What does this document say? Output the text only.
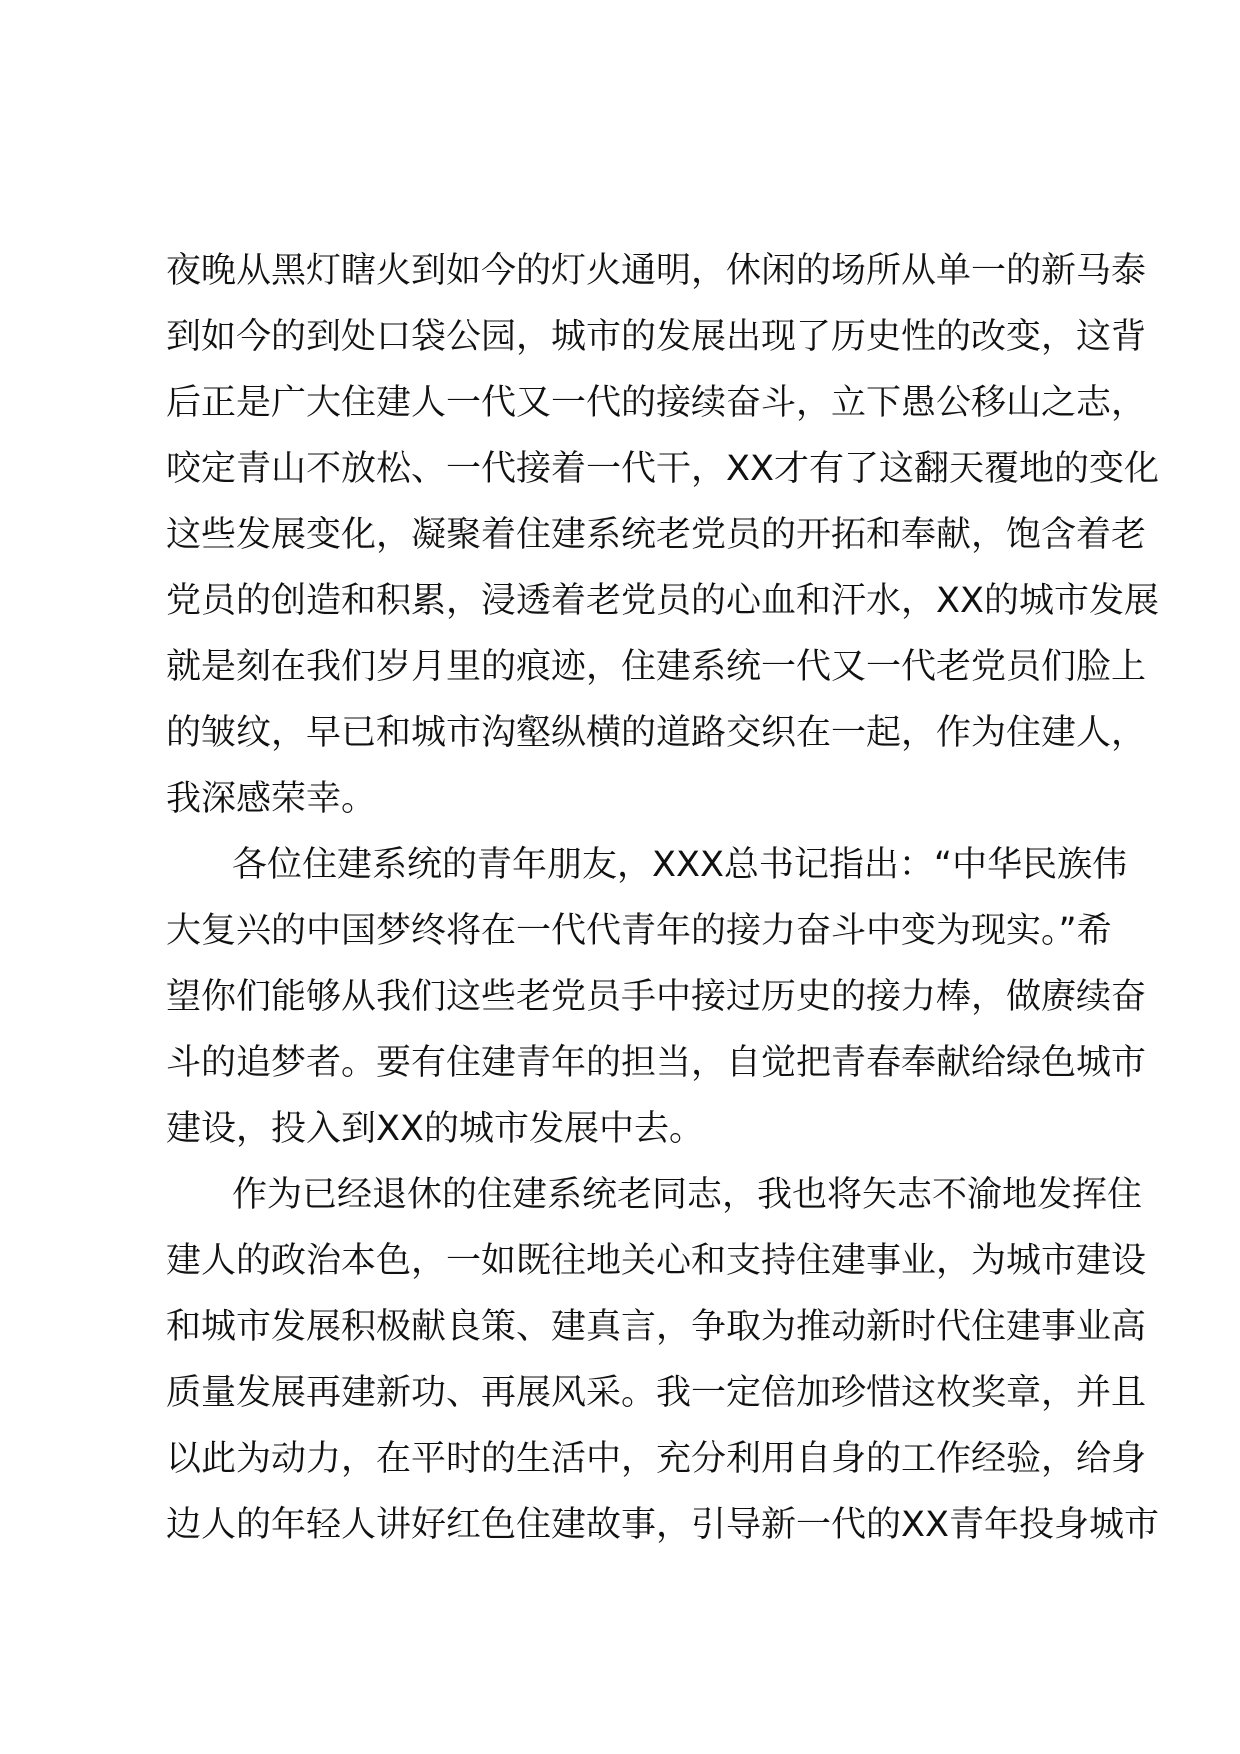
夜晚从黑灯瞎火到如今的灯火通明，休闲的场所从单一的新马泰
到如今的到处口袋公园，城市的发展出现了历史性的改变，这背
后正是广大住建人一代又一代的接续奋斗，立下愚公移山之志，
咬定青山不放松、一代接着一代干，XX才有了这翻天覆地的变化
这些发展变化，凝聚着住建系统老党员的开拓和奉献，饱含着老
党员的创造和积累，浸透着老党员的心血和汗水，XX的城市发展
就是刻在我们岁月里的痕迹，住建系统一代又一代老党员们脸上
的皱纹，早已和城市沟壑纵横的道路交织在一起，作为住建人，
我深感荣幸。
各位住建系统的青年朋友，XXX总书记指出：“中华民族伟
大复兴的中国梦终将在一代代青年的接力奋斗中变为现实。”希
望你们能够从我们这些老党员手中接过历史的接力棒，做赓续奋
斗的追梦者。要有住建青年的担当，自觉把青春奉献给绿色城市
建设，投入到XX的城市发展中去。
作为已经退休的住建系统老同志，我也将矢志不渝地发挥住
建人的政治本色，一如既往地关心和支持住建事业，为城市建设
和城市发展积极献良策、建真言，争取为推动新时代住建事业高
质量发展再建新功、再展风采。我一定倍加珍惜这枚奖章，并且
以此为动力，在平时的生活中，充分利用自身的工作经验，给身
边人的年轻人讲好红色住建故事，引导新一代的XX青年投身城市
